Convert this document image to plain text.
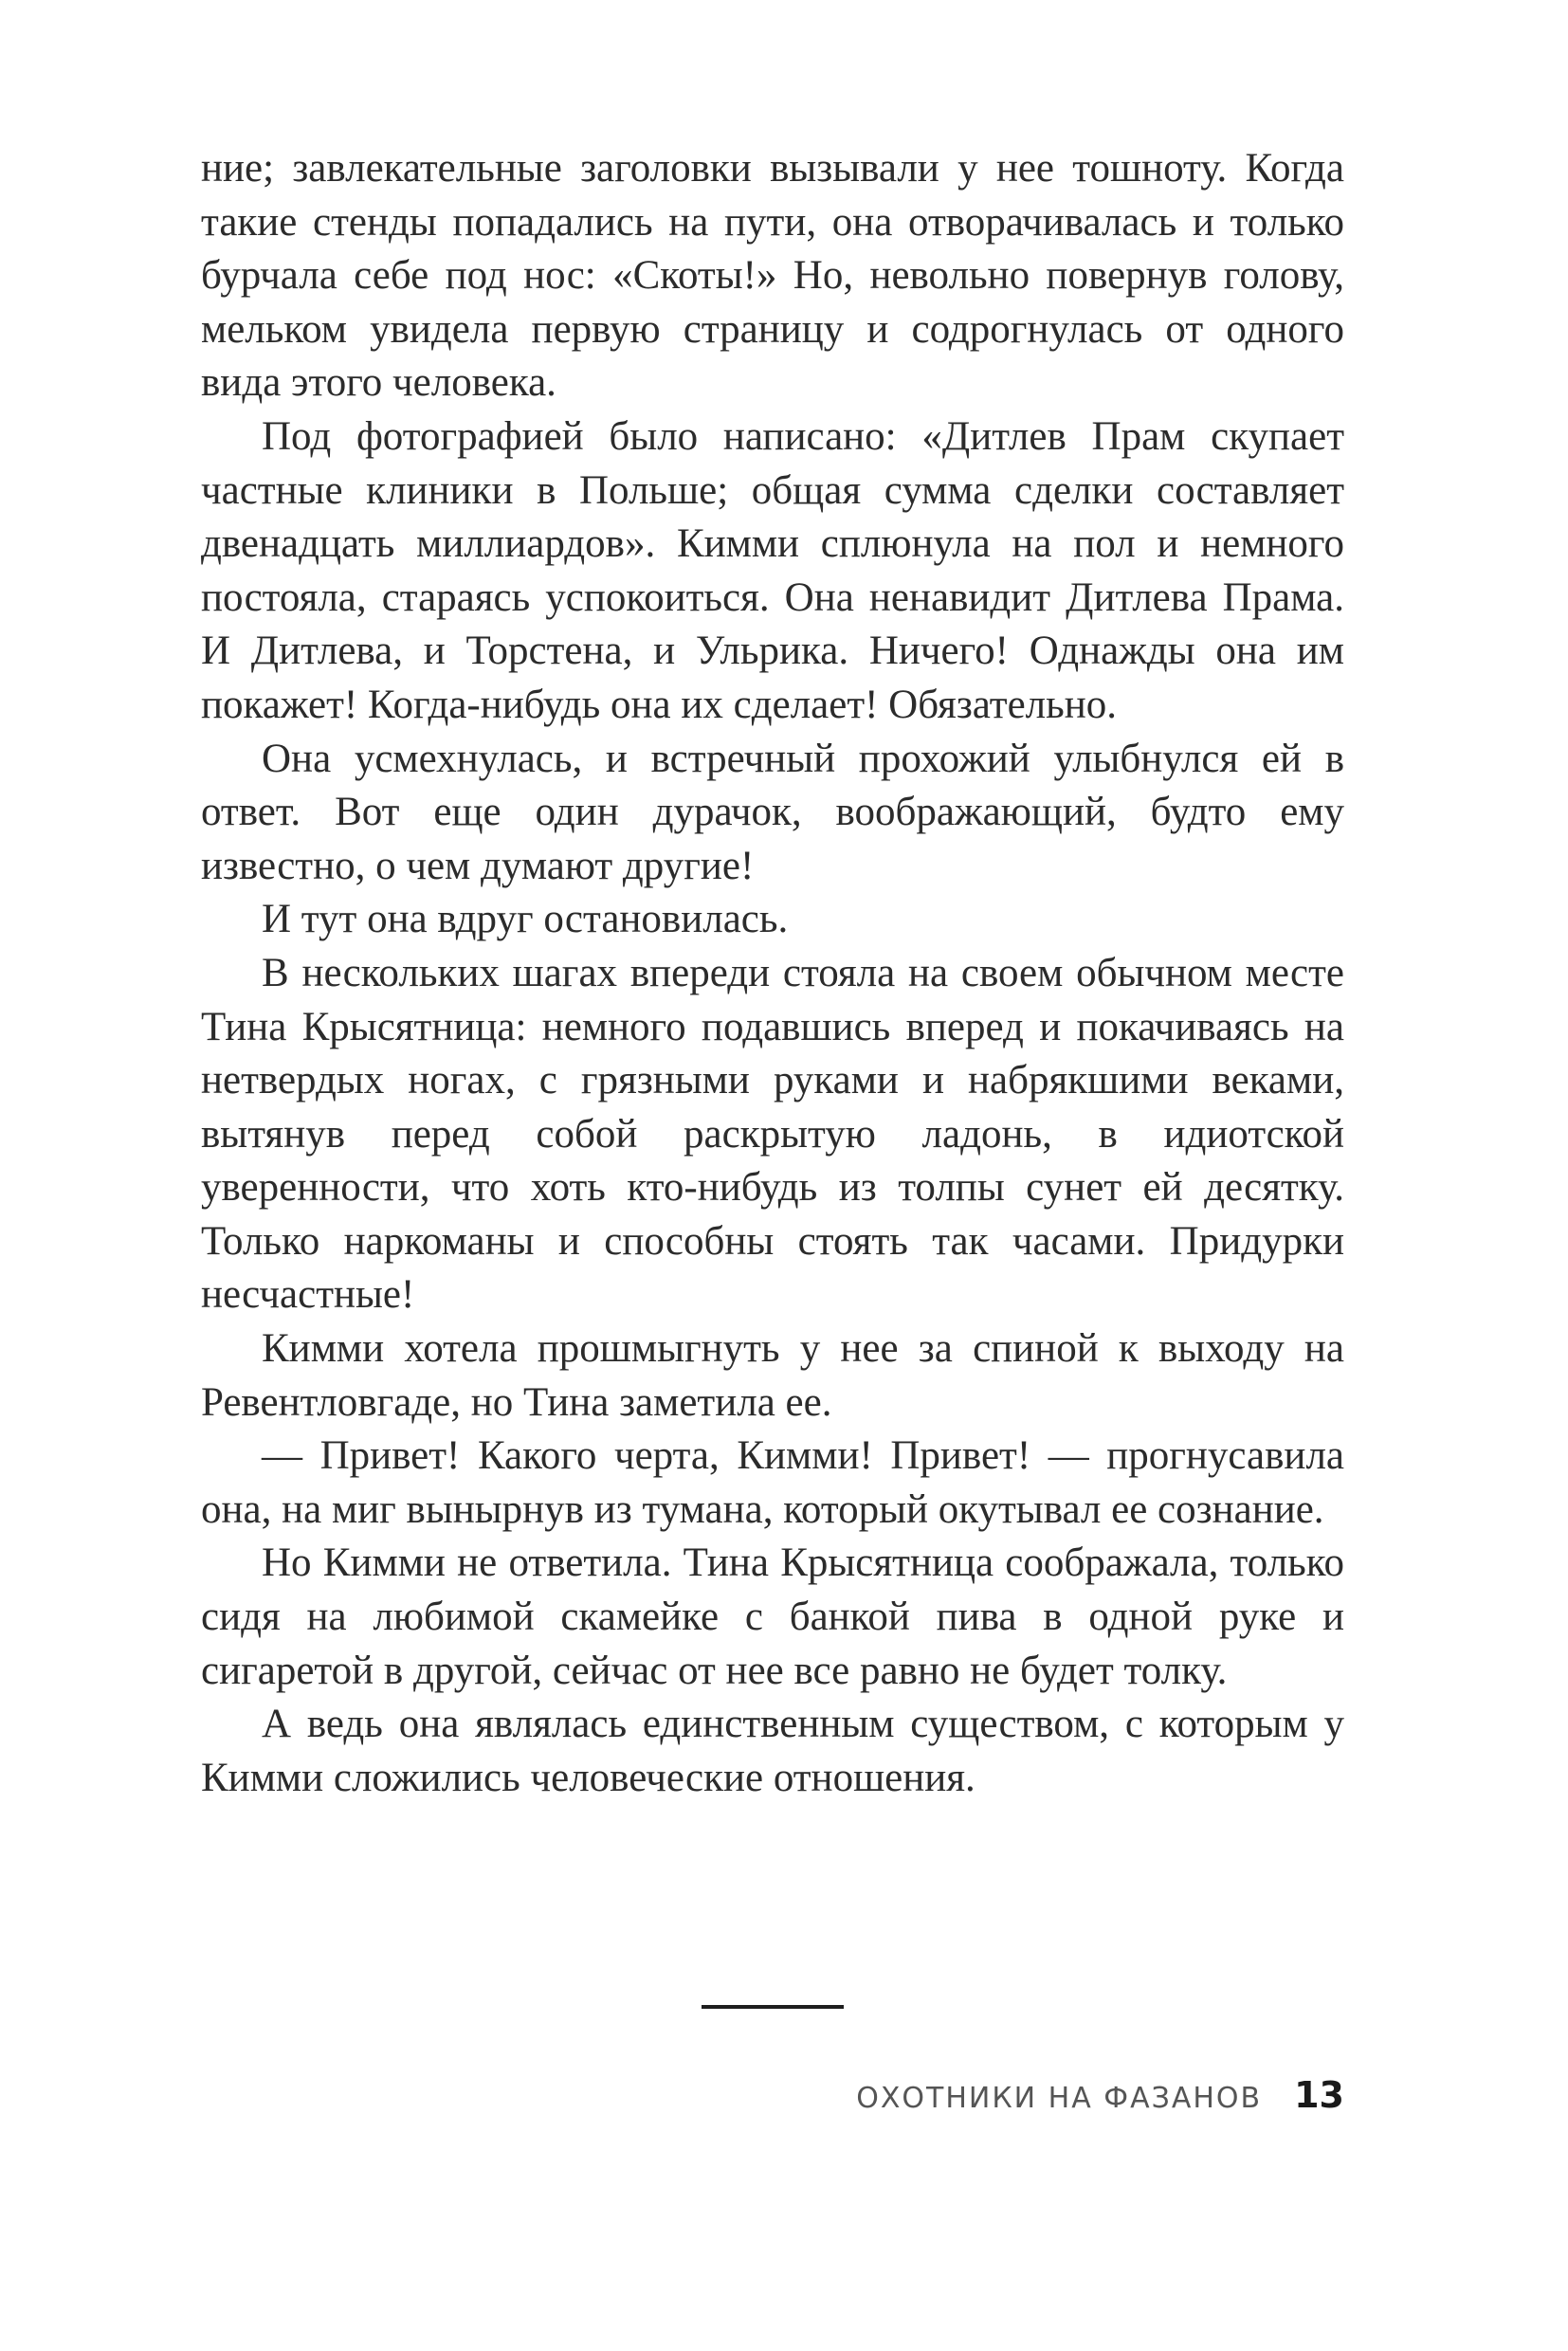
ние; завлекательные заголовки вызывали у нее тошноту. Когда такие стенды попадались на пути, она отворачивалась и только бурчала себе под нос: «Скоты!» Но, невольно повернув голову, мельком увидела первую страницу и содрогнулась от одного вида этого человека.

Под фотографией было написано: «Дитлев Прам скупает частные клиники в Польше; общая сумма сделки составляет двенадцать миллиардов». Кимми сплюнула на пол и немного постояла, стараясь успокоиться. Она ненавидит Дитлева Прама. И Дитлева, и Торстена, и Ульрика. Ничего! Однажды она им покажет! Когда-нибудь она их сделает! Обязательно.

Она усмехнулась, и встречный прохожий улыбнулся ей в ответ. Вот еще один дурачок, воображающий, будто ему известно, о чем думают другие!

И тут она вдруг остановилась.

В нескольких шагах впереди стояла на своем обычном месте Тина Крысятница: немного подавшись вперед и покачиваясь на нетвердых ногах, с грязными руками и набрякшими веками, вытянув перед собой раскрытую ладонь, в идиотской уверенности, что хоть кто-нибудь из толпы сунет ей десятку. Только наркоманы и способны стоять так часами. Придурки несчастные!

Кимми хотела прошмыгнуть у нее за спиной к выходу на Ревентловгаде, но Тина заметила ее.

— Привет! Какого черта, Кимми! Привет! — прогнусавила она, на миг вынырнув из тумана, который окутывал ее сознание.

Но Кимми не ответила. Тина Крысятница соображала, только сидя на любимой скамейке с банкой пива в одной руке и сигаретой в другой, сейчас от нее все равно не будет толку.

А ведь она являлась единственным существом, с которым у Кимми сложились человеческие отношения.

ОХОТНИКИ НА ФАЗАНОВ 13
